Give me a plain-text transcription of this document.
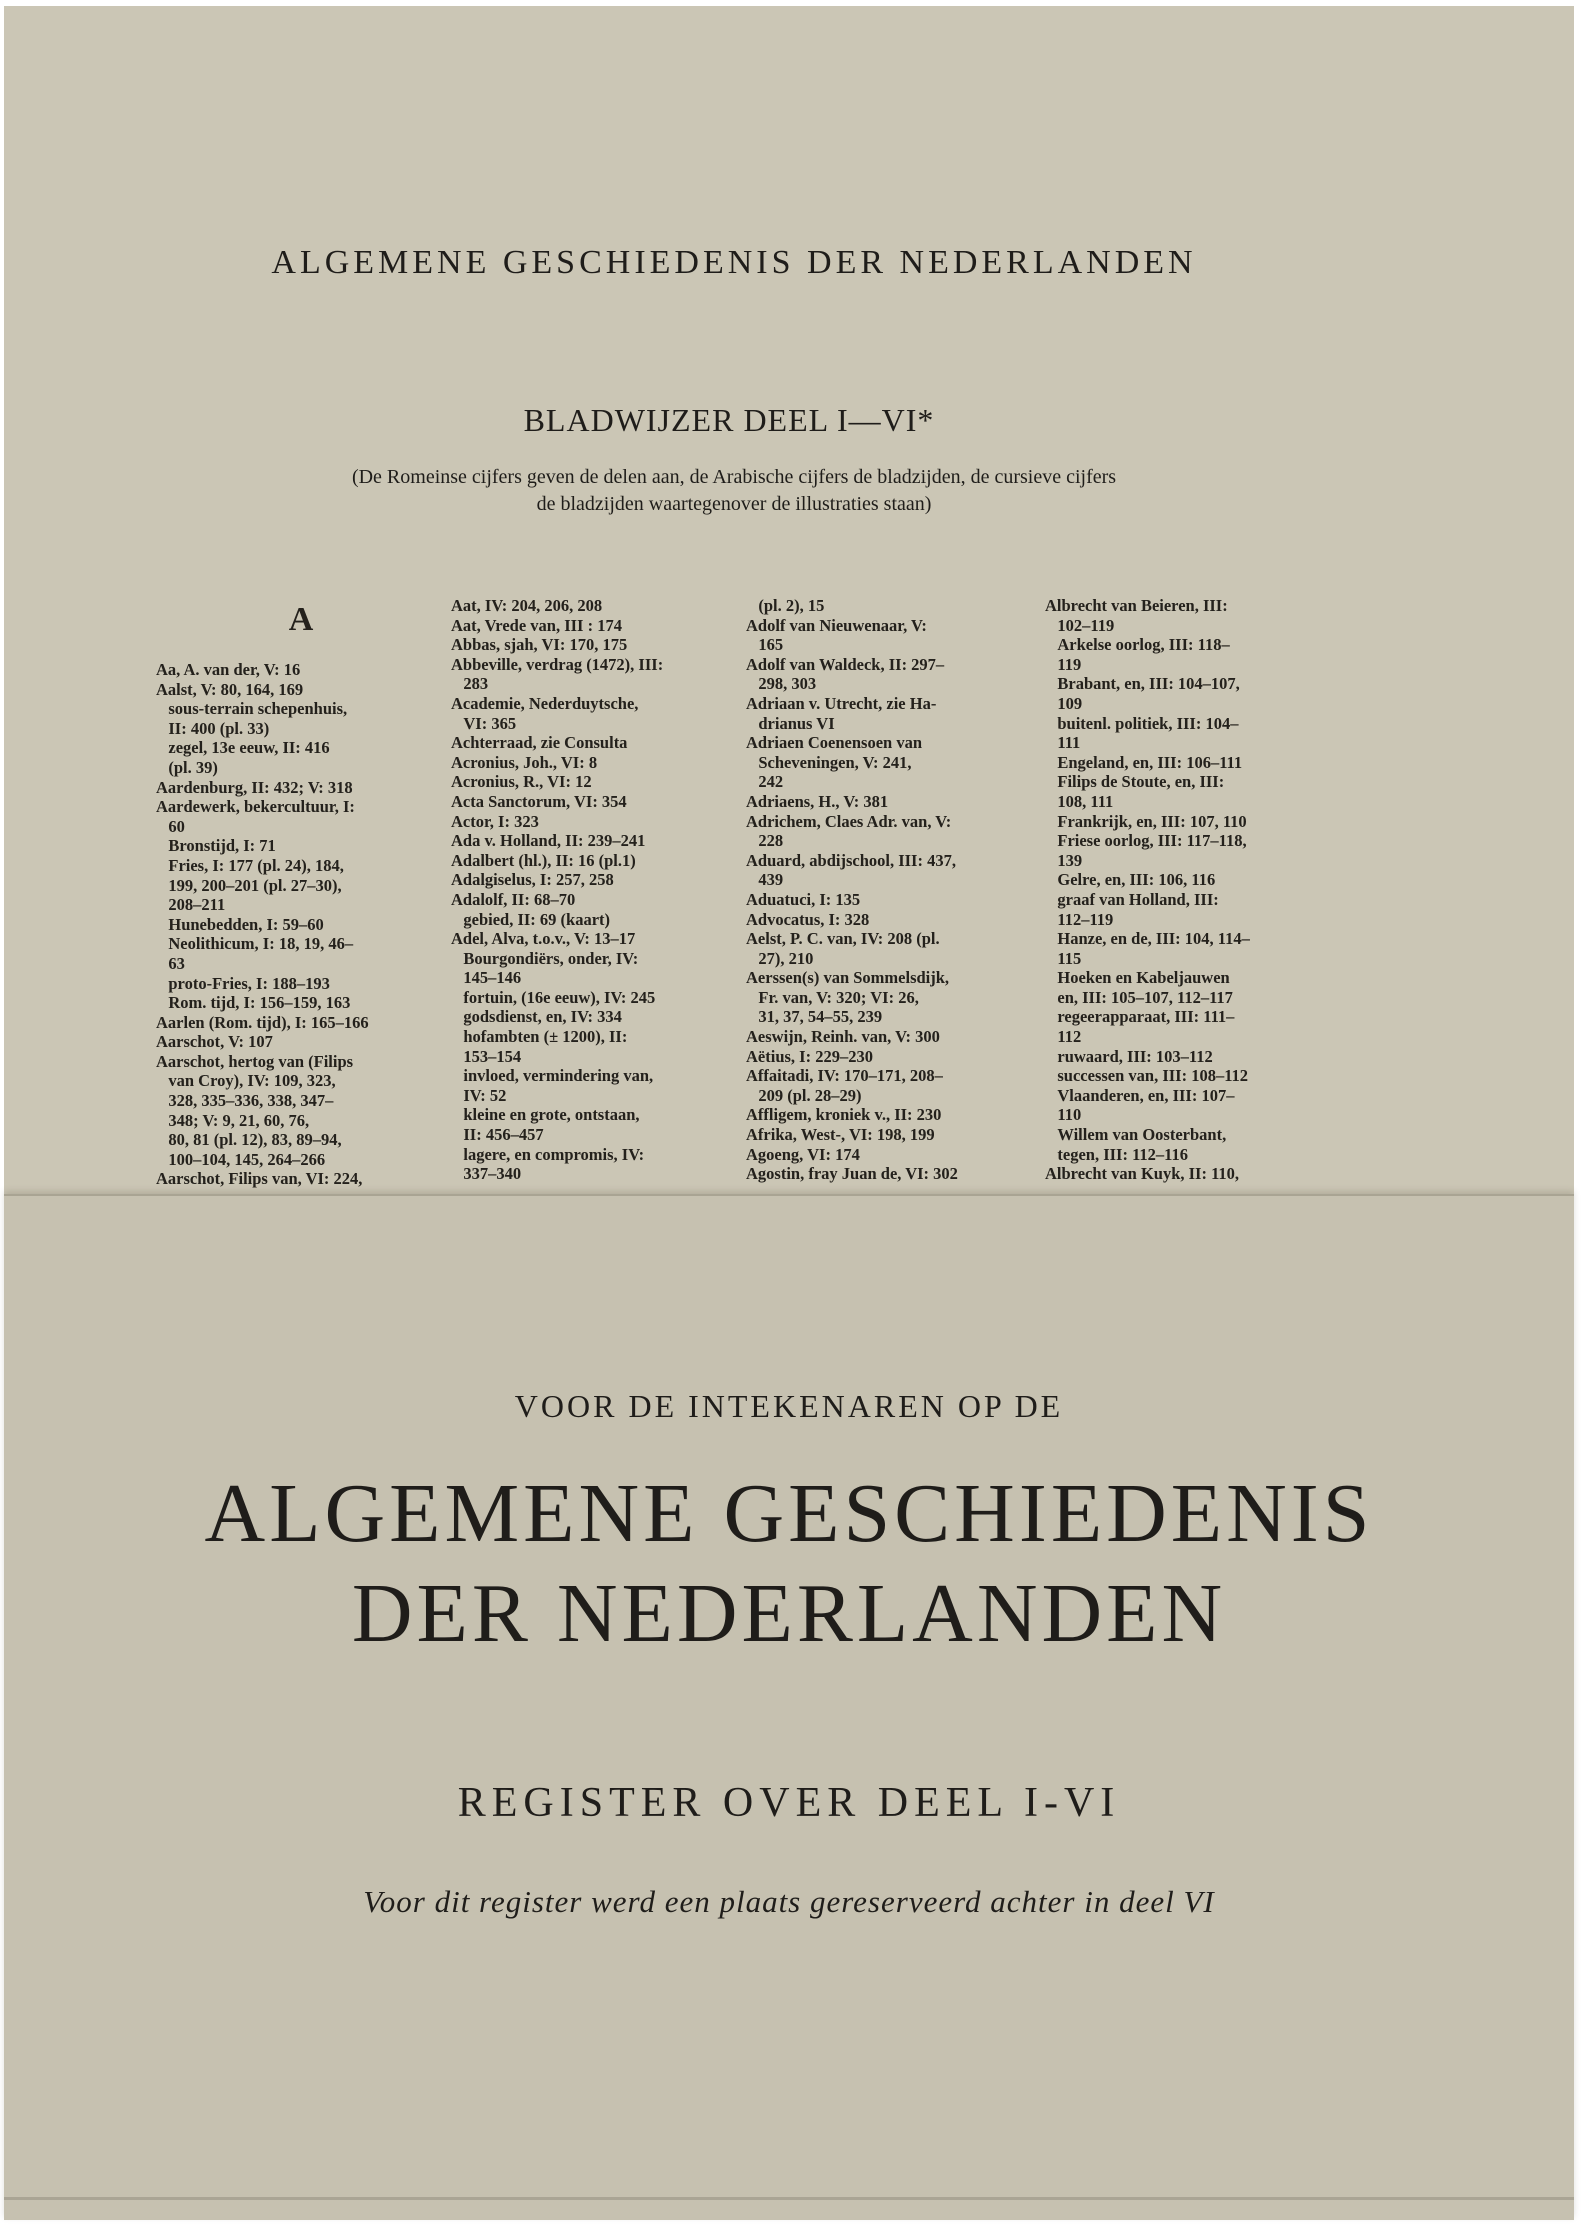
ALGEMENE GESCHIEDENIS DER NEDERLANDEN
BLADWIJZER DEEL I—VI*
(De Romeinse cijfers geven de delen aan, de Arabische cijfers de bladzijden, de cursieve cijfers
de bladzijden waartegenover de illustraties staan)
A
Aa, A. van der, V: 16
Aalst, V: 80, 164, 169
sous-terrain schepenhuis,
II: 400 (pl. 33)
zegel, 13e eeuw, II: 416
(pl. 39)
Aardenburg, II: 432; V: 318
Aardewerk, bekercultuur, I:
60
Bronstijd, I: 71
Fries, I: 177 (pl. 24), 184,
199, 200–201 (pl. 27–30),
208–211
Hunebedden, I: 59–60
Neolithicum, I: 18, 19, 46–
63
proto-Fries, I: 188–193
Rom. tijd, I: 156–159, 163
Aarlen (Rom. tijd), I: 165–166
Aarschot, V: 107
Aarschot, hertog van (Filips
van Croy), IV: 109, 323,
328, 335–336, 338, 347–
348; V: 9, 21, 60, 76,
80, 81 (pl. 12), 83, 89–94,
100–104, 145, 264–266
Aarschot, Filips van, VI: 224,
Aat, IV: 204, 206, 208
Aat, Vrede van, III : 174
Abbas, sjah, VI: 170, 175
Abbeville, verdrag (1472), III:
283
Academie, Nederduytsche,
VI: 365
Achterraad, zie Consulta
Acronius, Joh., VI: 8
Acronius, R., VI: 12
Acta Sanctorum, VI: 354
Actor, I: 323
Ada v. Holland, II: 239–241
Adalbert (hl.), II: 16 (pl.1)
Adalgiselus, I: 257, 258
Adalolf, II: 68–70
gebied, II: 69 (kaart)
Adel, Alva, t.o.v., V: 13–17
Bourgondiërs, onder, IV:
145–146
fortuin, (16e eeuw), IV: 245
godsdienst, en, IV: 334
hofambten (± 1200), II:
153–154
invloed, vermindering van,
IV: 52
kleine en grote, ontstaan,
II: 456–457
lagere, en compromis, IV:
337–340
(pl. 2), 15
Adolf van Nieuwenaar, V:
165
Adolf van Waldeck, II: 297–
298, 303
Adriaan v. Utrecht, zie Ha-
drianus VI
Adriaen Coenensoen van
Scheveningen, V: 241,
242
Adriaens, H., V: 381
Adrichem, Claes Adr. van, V:
228
Aduard, abdijschool, III: 437,
439
Aduatuci, I: 135
Advocatus, I: 328
Aelst, P. C. van, IV: 208 (pl.
27), 210
Aerssen(s) van Sommelsdijk,
Fr. van, V: 320; VI: 26,
31, 37, 54–55, 239
Aeswijn, Reinh. van, V: 300
Aëtius, I: 229–230
Affaitadi, IV: 170–171, 208–
209 (pl. 28–29)
Affligem, kroniek v., II: 230
Afrika, West-, VI: 198, 199
Agoeng, VI: 174
Agostin, fray Juan de, VI: 302
Albrecht van Beieren, III:
102–119
Arkelse oorlog, III: 118–
119
Brabant, en, III: 104–107,
109
buitenl. politiek, III: 104–
111
Engeland, en, III: 106–111
Filips de Stoute, en, III:
108, 111
Frankrijk, en, III: 107, 110
Friese oorlog, III: 117–118,
139
Gelre, en, III: 106, 116
graaf van Holland, III:
112–119
Hanze, en de, III: 104, 114–
115
Hoeken en Kabeljauwen
en, III: 105–107, 112–117
regeerapparaat, III: 111–
112
ruwaard, III: 103–112
successen van, III: 108–112
Vlaanderen, en, III: 107–
110
Willem van Oosterbant,
tegen, III: 112–116
Albrecht van Kuyk, II: 110,
VOOR DE INTEKENAREN OP DE
ALGEMENE GESCHIEDENIS
DER NEDERLANDEN
REGISTER OVER DEEL I-VI
Voor dit register werd een plaats gereserveerd achter in deel VI
